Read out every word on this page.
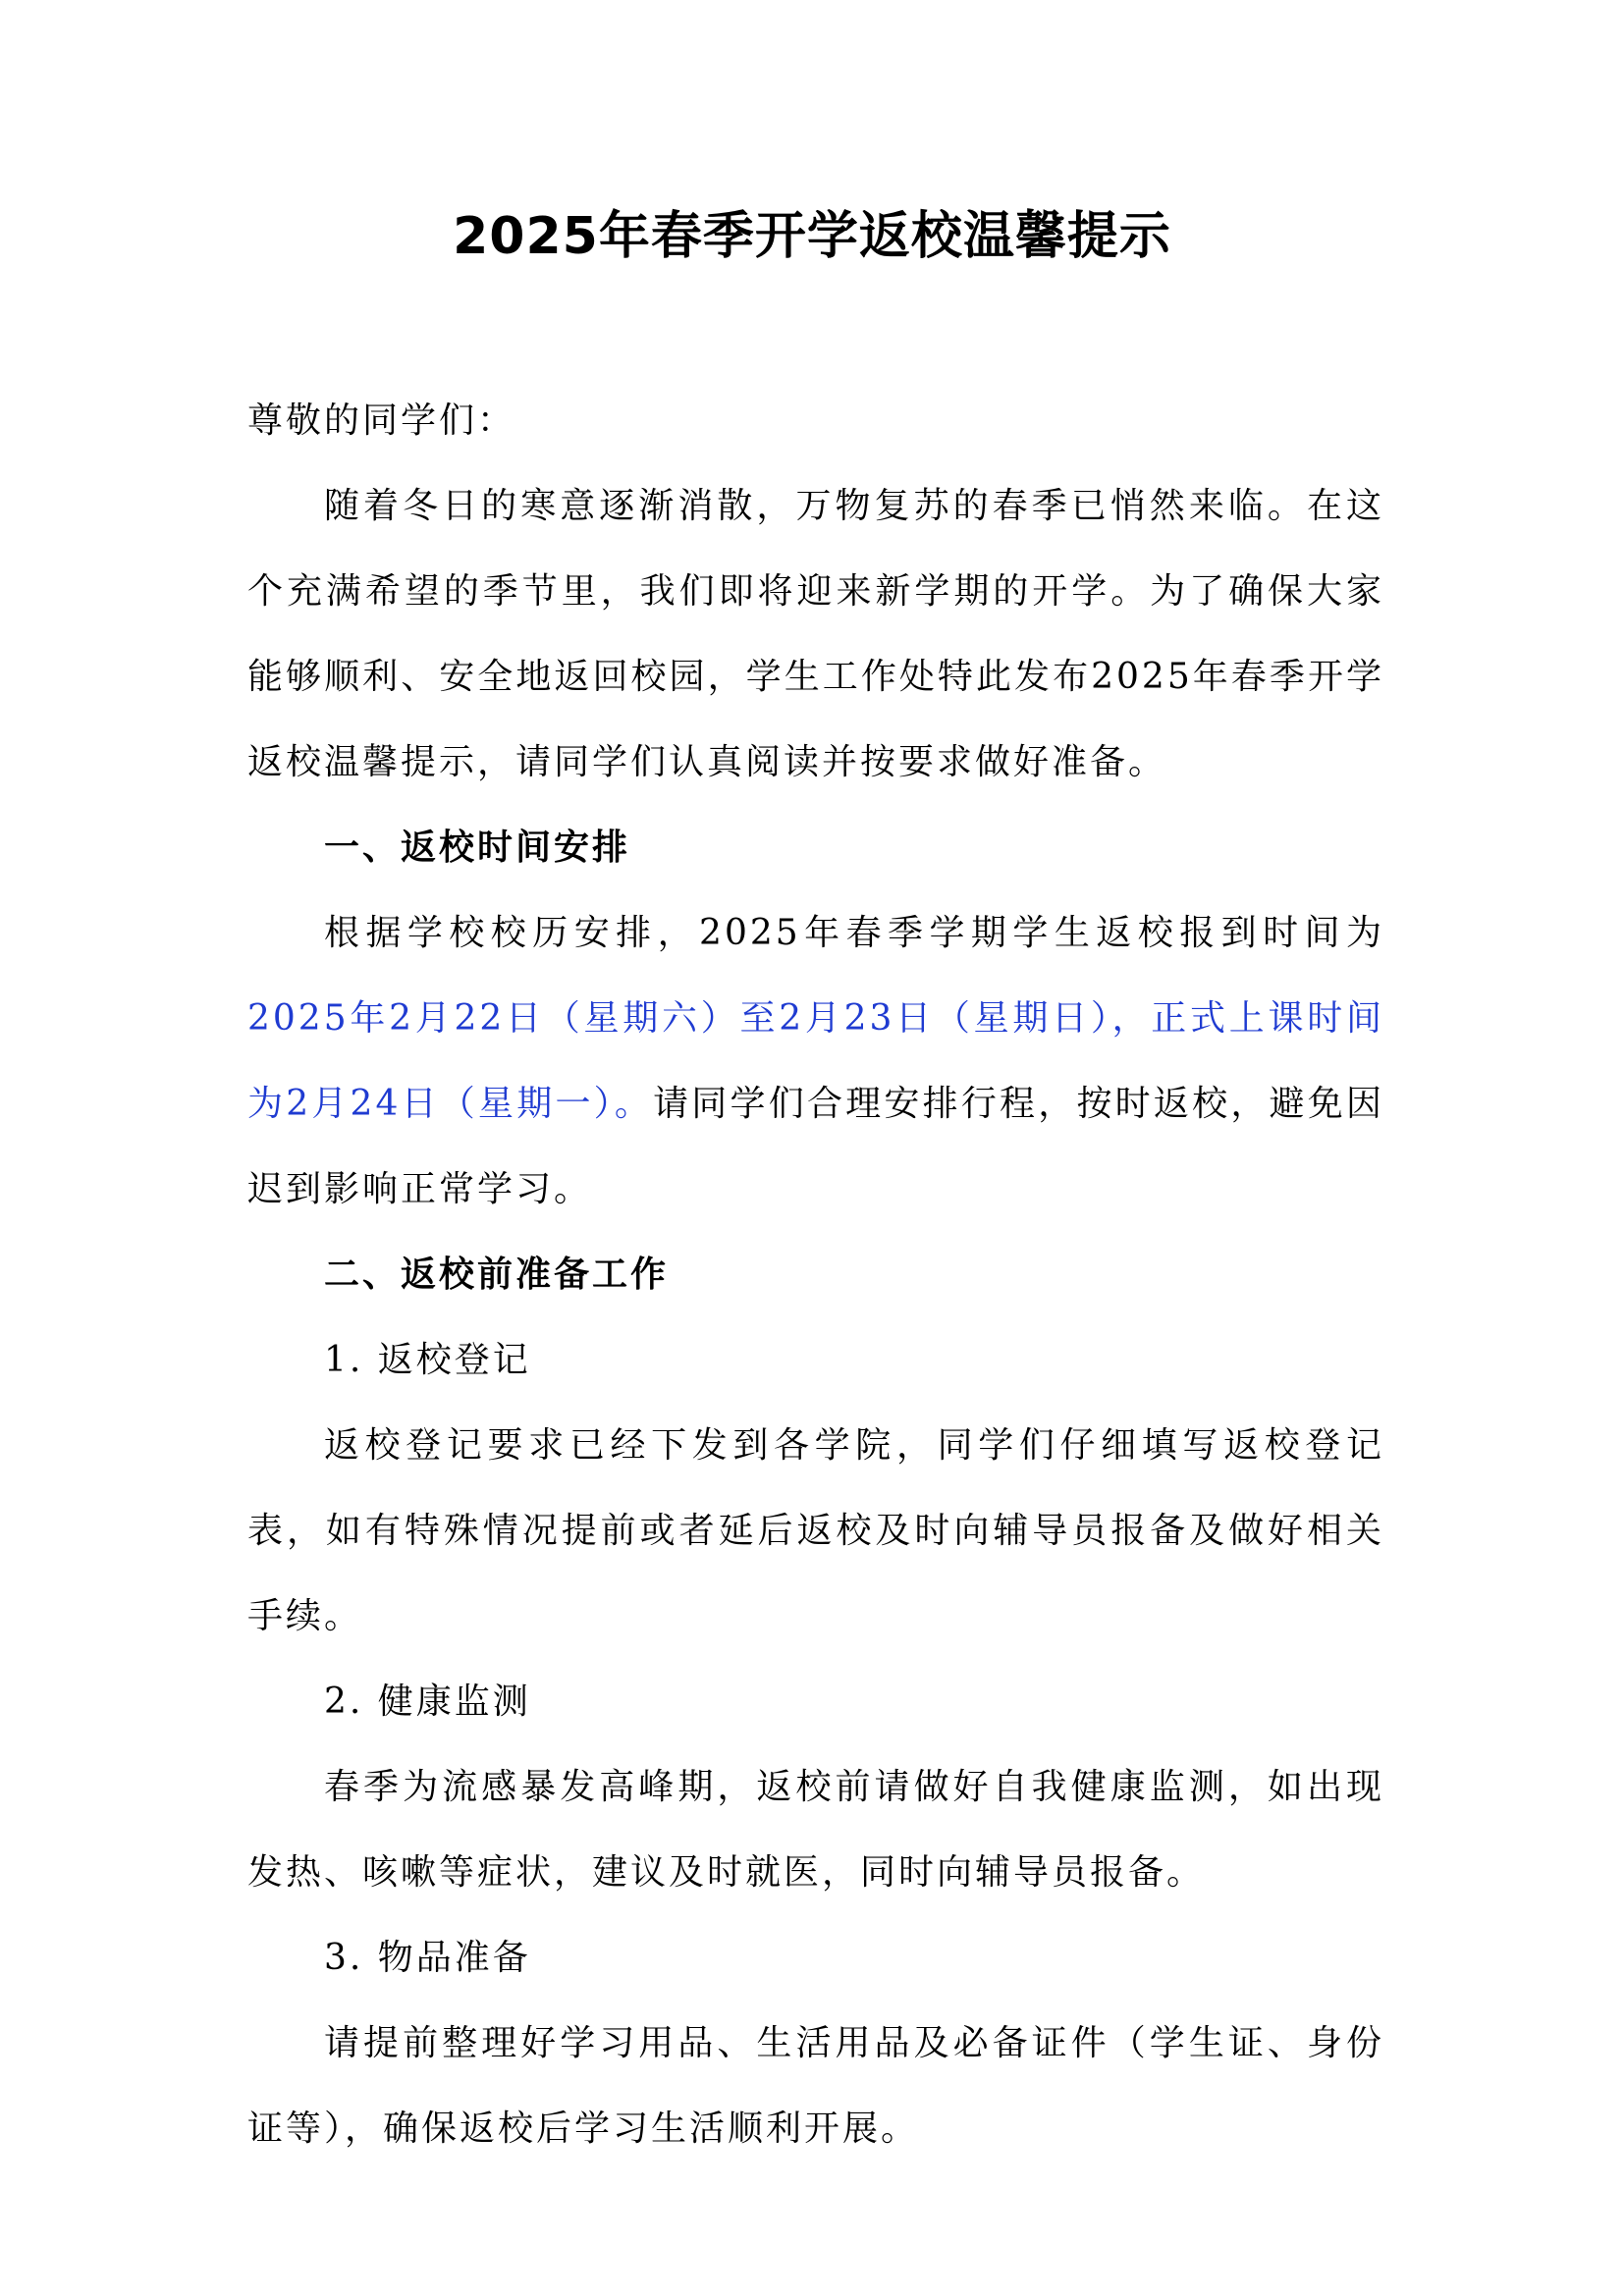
2025年春季开学返校温馨提示

尊敬的同学们：

随着冬日的寒意逐渐消散，万物复苏的春季已悄然来临。在这个充满希望的季节里，我们即将迎来新学期的开学。为了确保大家能够顺利、安全地返回校园，学生工作处特此发布2025年春季开学返校温馨提示，请同学们认真阅读并按要求做好准备。

一、返校时间安排

根据学校校历安排，2025年春季学期学生返校报到时间为2025年2月22日（星期六）至2月23日（星期日），正式上课时间为2月24日（星期一）。请同学们合理安排行程，按时返校，避免因迟到影响正常学习。

二、返校前准备工作

1. 返校登记

返校登记要求已经下发到各学院，同学们仔细填写返校登记表，如有特殊情况提前或者延后返校及时向辅导员报备及做好相关手续。

2. 健康监测

春季为流感暴发高峰期，返校前请做好自我健康监测，如出现发热、咳嗽等症状，建议及时就医，同时向辅导员报备。

3. 物品准备

请提前整理好学习用品、生活用品及必备证件（学生证、身份证等），确保返校后学习生活顺利开展。
